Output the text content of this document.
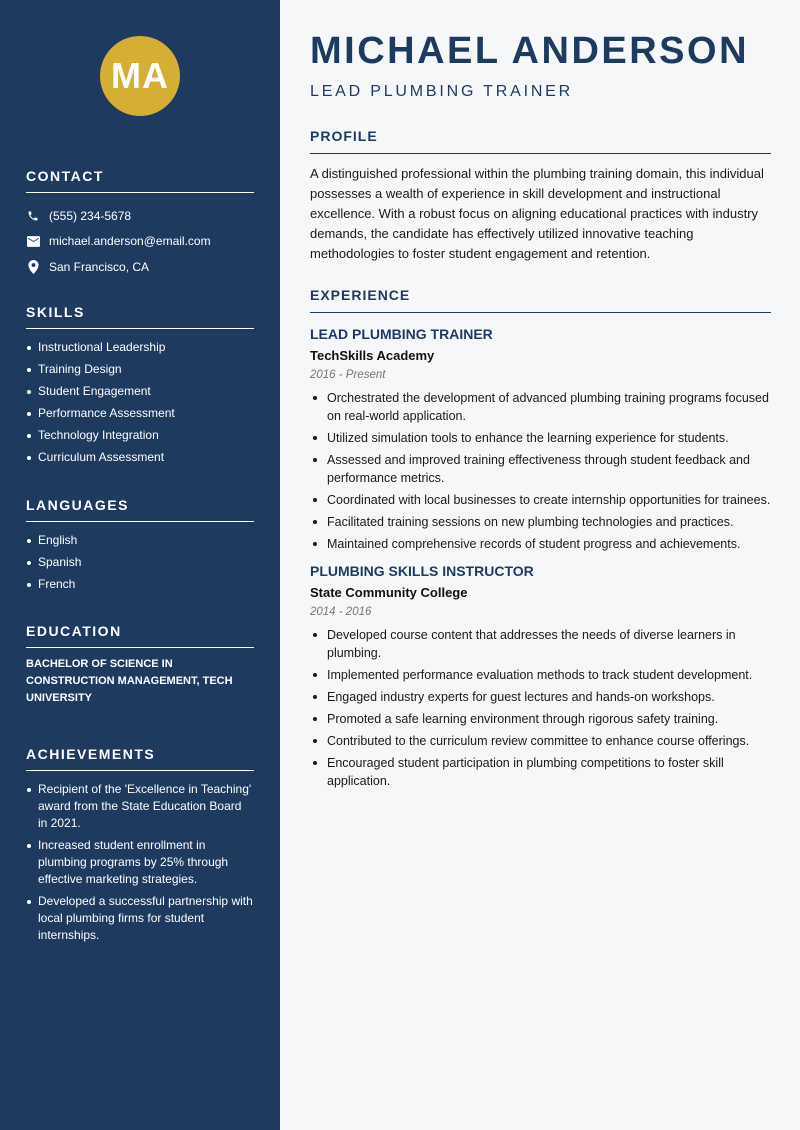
MA
CONTACT
(555) 234-5678
michael.anderson@email.com
San Francisco, CA
SKILLS
Instructional Leadership
Training Design
Student Engagement
Performance Assessment
Technology Integration
Curriculum Assessment
LANGUAGES
English
Spanish
French
EDUCATION
BACHELOR OF SCIENCE IN CONSTRUCTION MANAGEMENT, TECH UNIVERSITY
ACHIEVEMENTS
Recipient of the 'Excellence in Teaching' award from the State Education Board in 2021.
Increased student enrollment in plumbing programs by 25% through effective marketing strategies.
Developed a successful partnership with local plumbing firms for student internships.
MICHAEL ANDERSON
LEAD PLUMBING TRAINER
PROFILE

A distinguished professional within the plumbing training domain, this individual possesses a wealth of experience in skill development and instructional excellence. With a robust focus on aligning educational practices with industry demands, the candidate has effectively utilized innovative teaching methodologies to foster student engagement and retention.

EXPERIENCE
LEAD PLUMBING TRAINER
TechSkills Academy
2016 - Present
Orchestrated the development of advanced plumbing training programs focused on real-world application.
Utilized simulation tools to enhance the learning experience for students.
Assessed and improved training effectiveness through student feedback and performance metrics.
Coordinated with local businesses to create internship opportunities for trainees.
Facilitated training sessions on new plumbing technologies and practices.
Maintained comprehensive records of student progress and achievements.
PLUMBING SKILLS INSTRUCTOR
State Community College
2014 - 2016
Developed course content that addresses the needs of diverse learners in plumbing.
Implemented performance evaluation methods to track student development.
Engaged industry experts for guest lectures and hands-on workshops.
Promoted a safe learning environment through rigorous safety training.
Contributed to the curriculum review committee to enhance course offerings.
Encouraged student participation in plumbing competitions to foster skill application.
